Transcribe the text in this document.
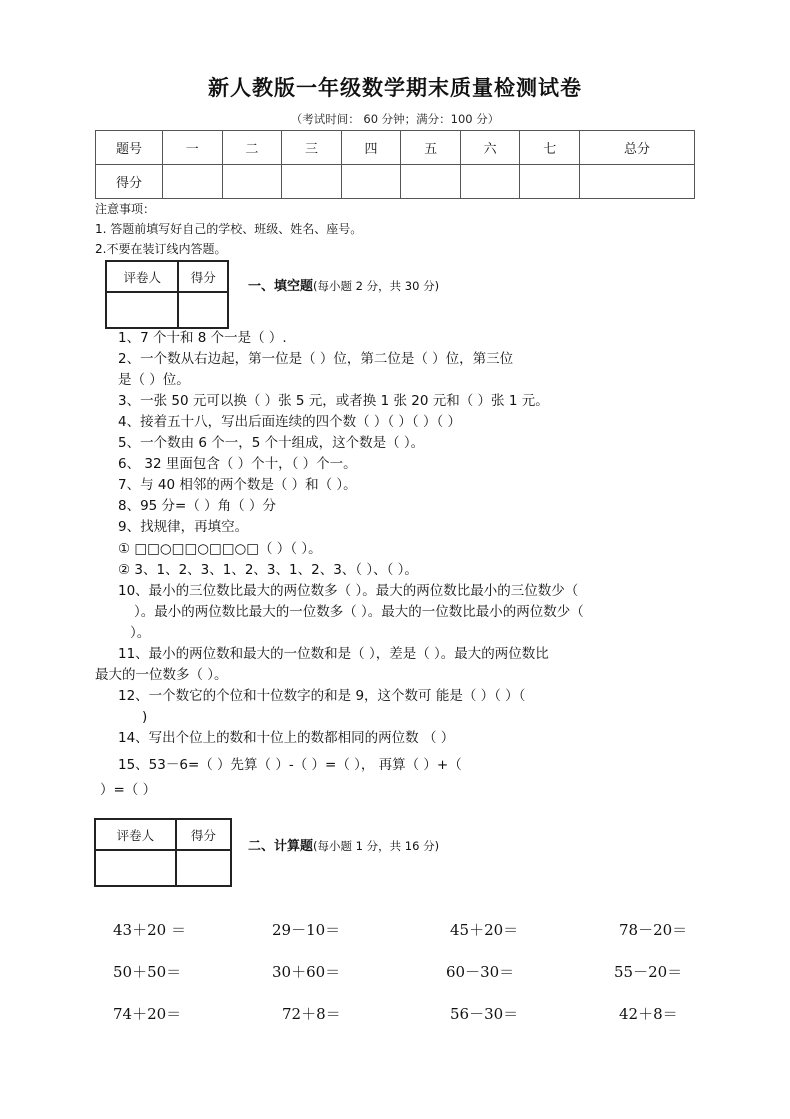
新人教版一年级数学期末质量检测试卷
（考试时间： 60 分钟；满分：100 分）
题号	一	二	三	四	五	六	七	总分
得分								
注意事项：
1. 答题前填写好自己的学校、班级、姓名、座号。
2.不要在装订线内答题。
评卷人	得分

一、填空题(每小题 2 分，共 30 分)
1、7 个十和 8 个一是（ ）.
2、一个数从右边起，第一位是（ ）位，第二位是（ ）位，第三位
是（ ）位。
3、一张 50 元可以换（ ）张 5 元，或者换 1 张 20 元和（ ）张 1 元。
4、接着五十八，写出后面连续的四个数（ ）（ ）（ ）（ ）
5、一个数由 6 个一，5 个十组成，这个数是（ ）。
6、 32 里面包含（ ）个十，（ ）个一。
7、与 40 相邻的两个数是（ ）和（ ）。
8、95 分=（ ）角（ ）分
9、找规律，再填空。
① □□○□□○□□○□（ ）（ ）。
② 3、1、2、3、1、2、3、1、2、3、（ ）、（ ）。
10、最小的三位数比最大的两位数多（ ）。最大的两位数比最小的三位数少（
）。最小的两位数比最大的一位数多（ ）。最大的一位数比最小的两位数少（
）。
11、最小的两位数和最大的一位数和是（ ），差是（ ）。最大的两位数比
最大的一位数多（ ）。
12、一个数它的个位和十位数字的和是 9，这个数可 能是（ ）（ ）（
)
14、写出个位上的数和十位上的数都相同的两位数 （ ）
15、53－6=（ ）先算（ ）-（ ）=（ ）， 再算（ ）+（
）=（ ）
评卷人	得分

二、计算题(每小题 1 分，共 16 分)
43＋20 ＝	29－10＝	45＋20＝	78－20＝
50＋50＝	30＋60＝	60－30＝	55－20＝
74＋20＝	72＋8＝	56－30＝	42＋8＝
